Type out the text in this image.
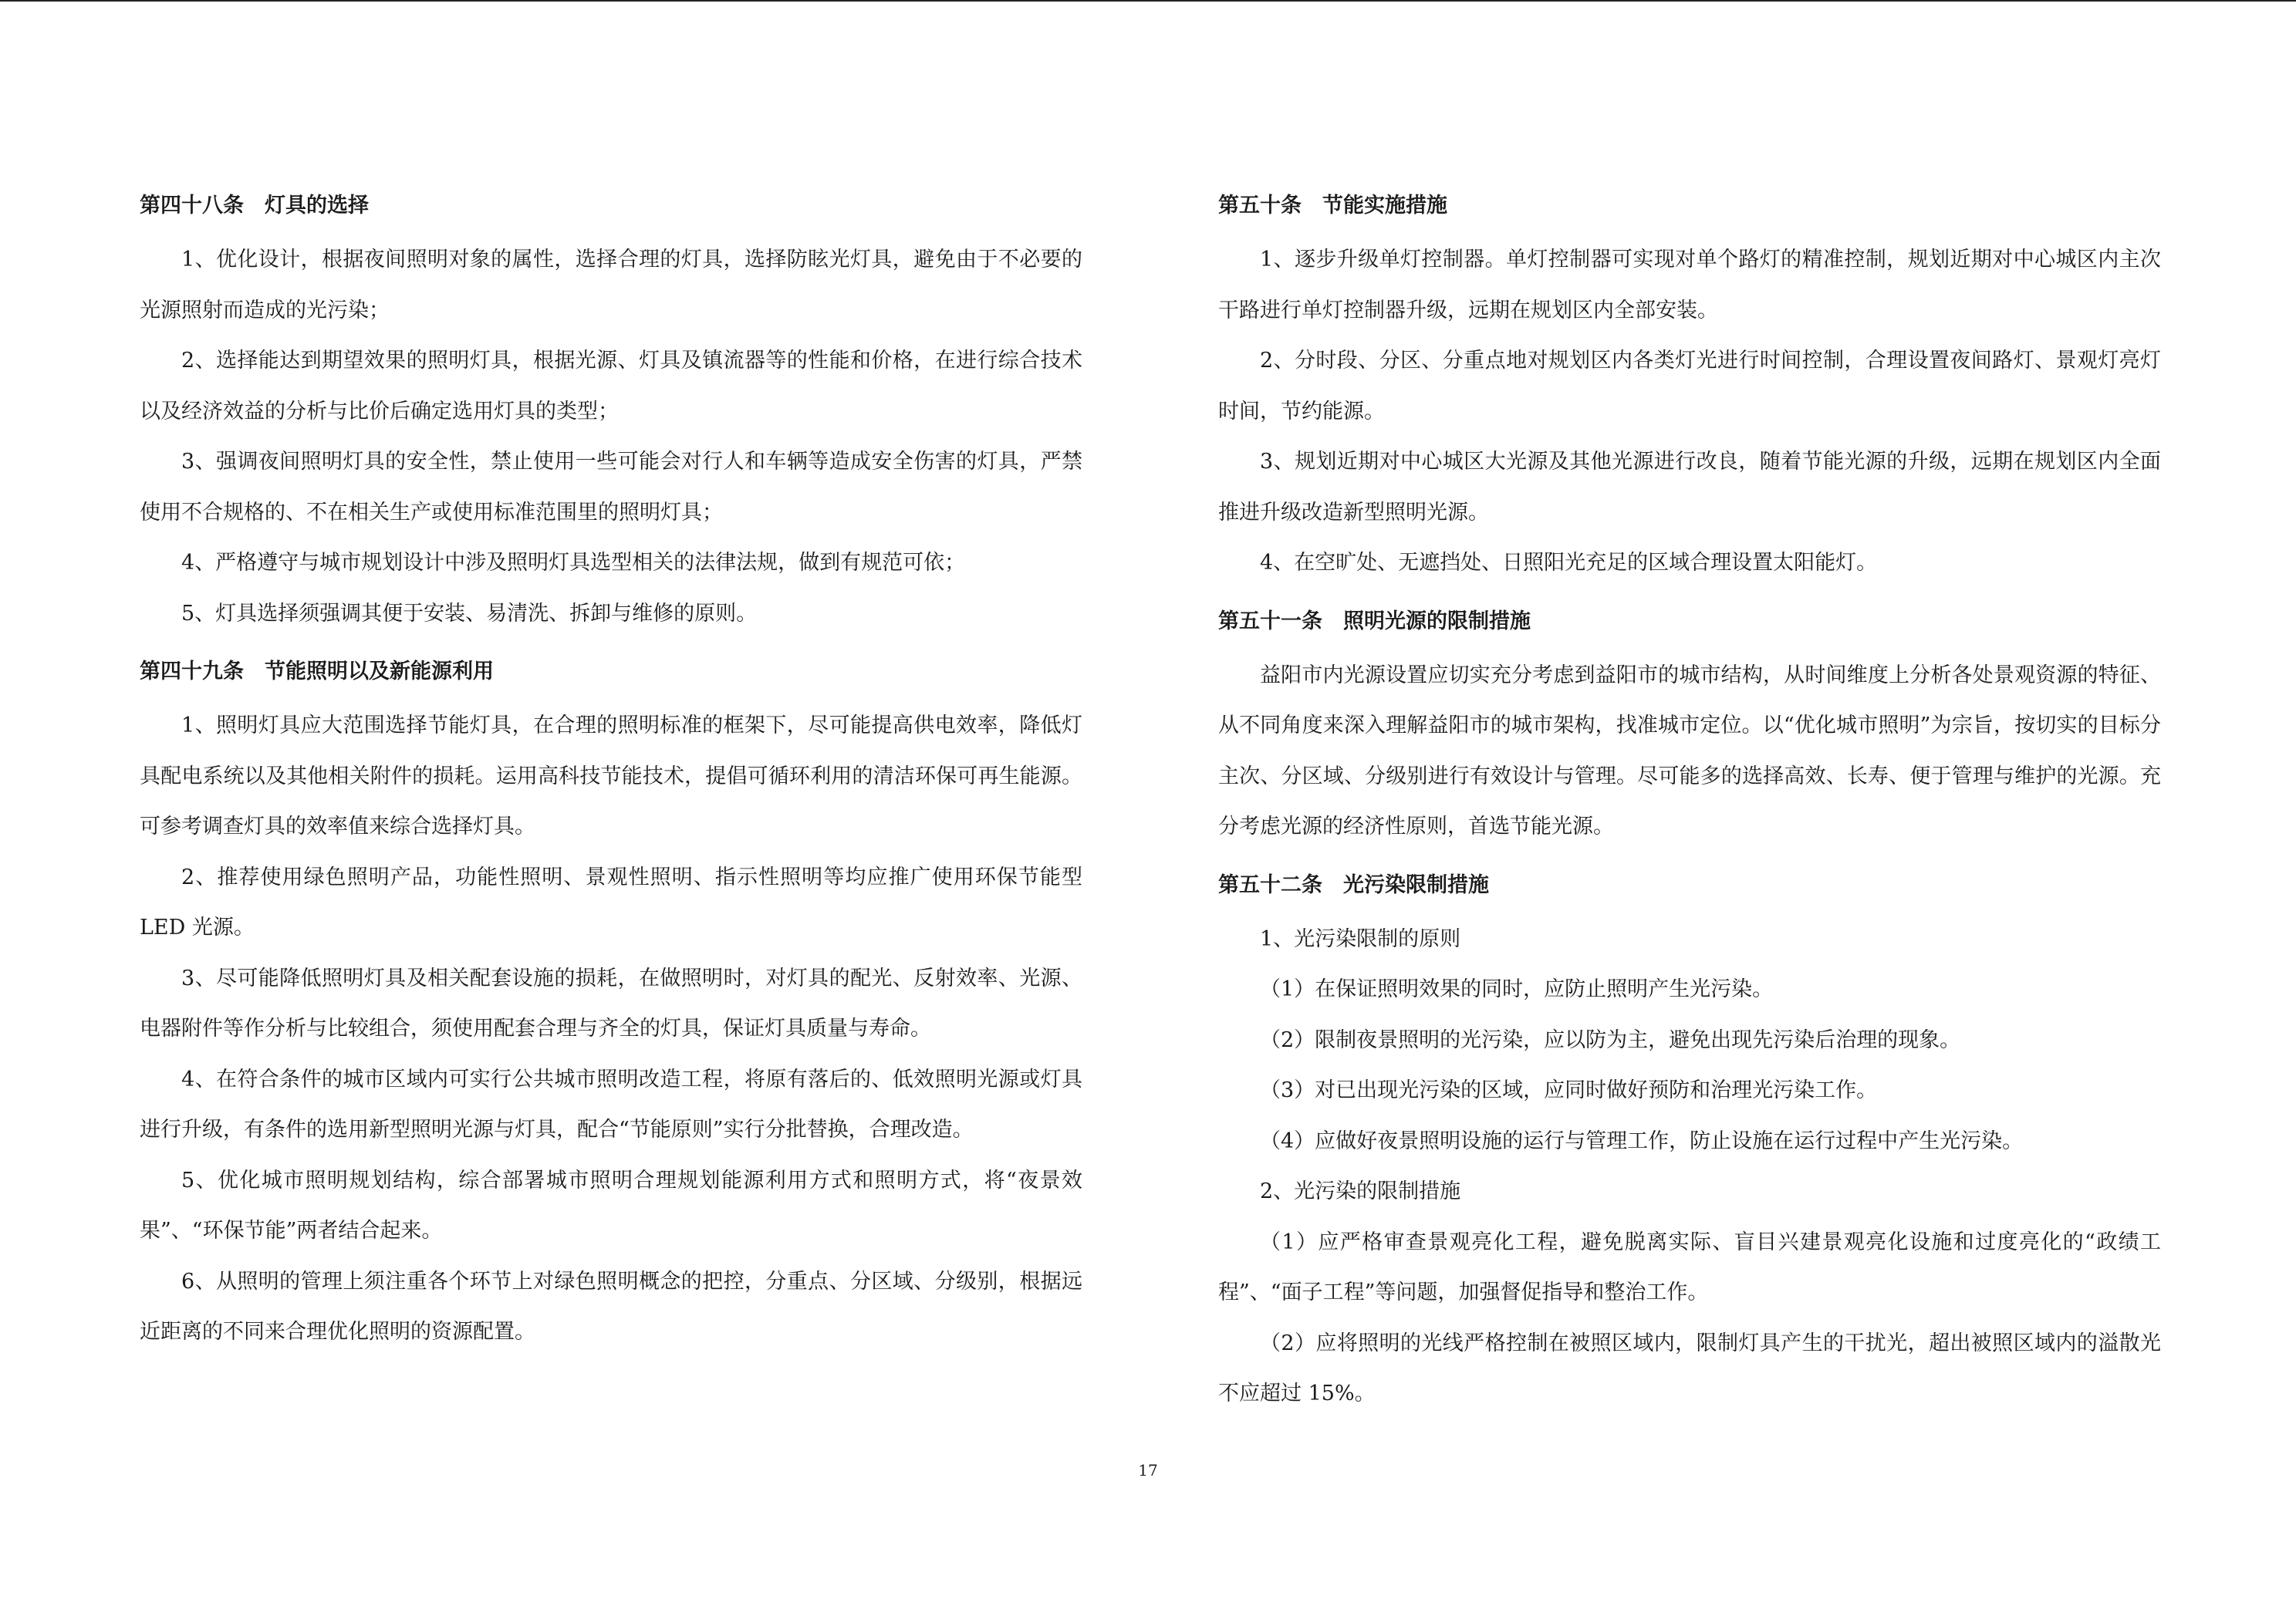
第四十八条　灯具的选择

1、优化设计，根据夜间照明对象的属性，选择合理的灯具，选择防眩光灯具，避免由于不必要的光源照射而造成的光污染；

2、选择能达到期望效果的照明灯具，根据光源、灯具及镇流器等的性能和价格，在进行综合技术以及经济效益的分析与比价后确定选用灯具的类型；

3、强调夜间照明灯具的安全性，禁止使用一些可能会对行人和车辆等造成安全伤害的灯具，严禁使用不合规格的、不在相关生产或使用标准范围里的照明灯具；

4、严格遵守与城市规划设计中涉及照明灯具选型相关的法律法规，做到有规范可依；

5、灯具选择须强调其便于安装、易清洗、拆卸与维修的原则。

第四十九条　节能照明以及新能源利用

1、照明灯具应大范围选择节能灯具，在合理的照明标准的框架下，尽可能提高供电效率，降低灯具配电系统以及其他相关附件的损耗。运用高科技节能技术，提倡可循环利用的清洁环保可再生能源。可参考调查灯具的效率值来综合选择灯具。

2、推荐使用绿色照明产品，功能性照明、景观性照明、指示性照明等均应推广使用环保节能型 LED 光源。

3、尽可能降低照明灯具及相关配套设施的损耗，在做照明时，对灯具的配光、反射效率、光源、电器附件等作分析与比较组合，须使用配套合理与齐全的灯具，保证灯具质量与寿命。

4、在符合条件的城市区域内可实行公共城市照明改造工程，将原有落后的、低效照明光源或灯具进行升级，有条件的选用新型照明光源与灯具，配合“节能原则”实行分批替换，合理改造。

5、优化城市照明规划结构，综合部署城市照明合理规划能源利用方式和照明方式，将“夜景效果”、“环保节能”两者结合起来。

6、从照明的管理上须注重各个环节上对绿色照明概念的把控，分重点、分区域、分级别，根据远近距离的不同来合理优化照明的资源配置。

第五十条　节能实施措施

1、逐步升级单灯控制器。单灯控制器可实现对单个路灯的精准控制，规划近期对中心城区内主次干路进行单灯控制器升级，远期在规划区内全部安装。

2、分时段、分区、分重点地对规划区内各类灯光进行时间控制，合理设置夜间路灯、景观灯亮灯时间，节约能源。

3、规划近期对中心城区大光源及其他光源进行改良，随着节能光源的升级，远期在规划区内全面推进升级改造新型照明光源。

4、在空旷处、无遮挡处、日照阳光充足的区域合理设置太阳能灯。

第五十一条　照明光源的限制措施

益阳市内光源设置应切实充分考虑到益阳市的城市结构，从时间维度上分析各处景观资源的特征、从不同角度来深入理解益阳市的城市架构，找准城市定位。以“优化城市照明”为宗旨，按切实的目标分主次、分区域、分级别进行有效设计与管理。尽可能多的选择高效、长寿、便于管理与维护的光源。充分考虑光源的经济性原则，首选节能光源。

第五十二条　光污染限制措施

1、光污染限制的原则

（1）在保证照明效果的同时，应防止照明产生光污染。

（2）限制夜景照明的光污染，应以防为主，避免出现先污染后治理的现象。

（3）对已出现光污染的区域，应同时做好预防和治理光污染工作。

（4）应做好夜景照明设施的运行与管理工作，防止设施在运行过程中产生光污染。

2、光污染的限制措施

（1）应严格审查景观亮化工程，避免脱离实际、盲目兴建景观亮化设施和过度亮化的“政绩工程”、“面子工程”等问题，加强督促指导和整治工作。

（2）应将照明的光线严格控制在被照区域内，限制灯具产生的干扰光，超出被照区域内的溢散光不应超过 15%。

17
